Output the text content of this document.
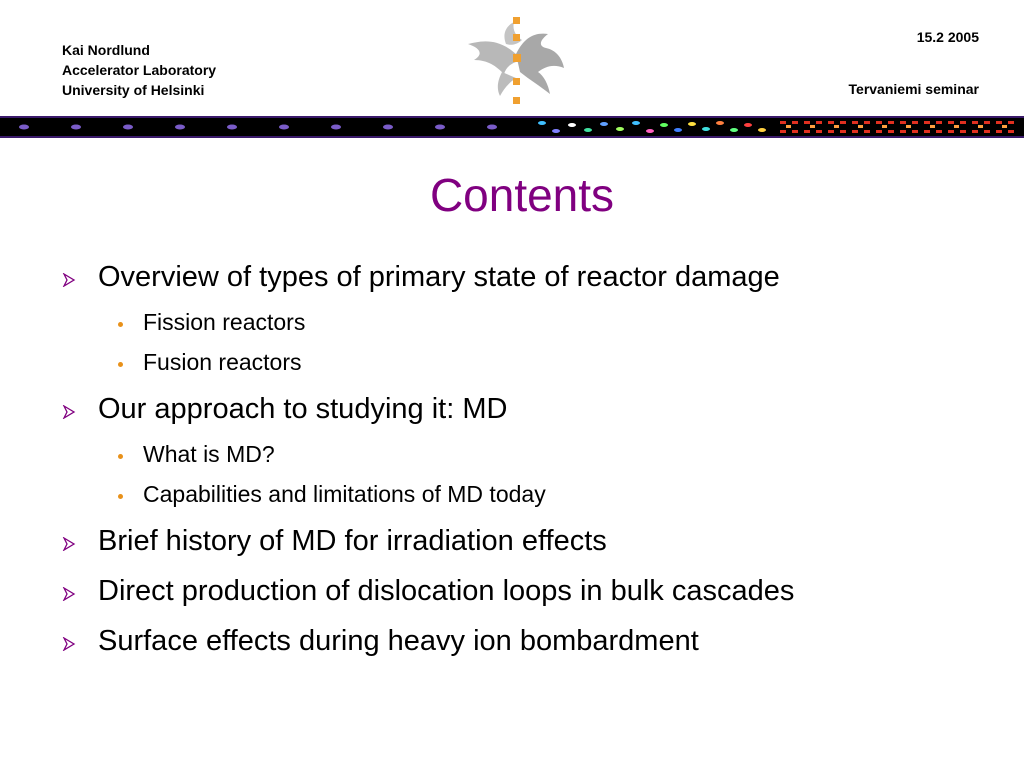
Kai Nordlund
Accelerator Laboratory
University of Helsinki
15.2 2005
Tervaniemi seminar
Contents
Overview of types of primary state of reactor damage
Fission reactors
Fusion reactors
Our approach to studying it: MD
What is MD?
Capabilities and limitations of MD today
Brief history of MD for irradiation effects
Direct production of dislocation loops in bulk cascades
Surface effects during heavy ion bombardment
